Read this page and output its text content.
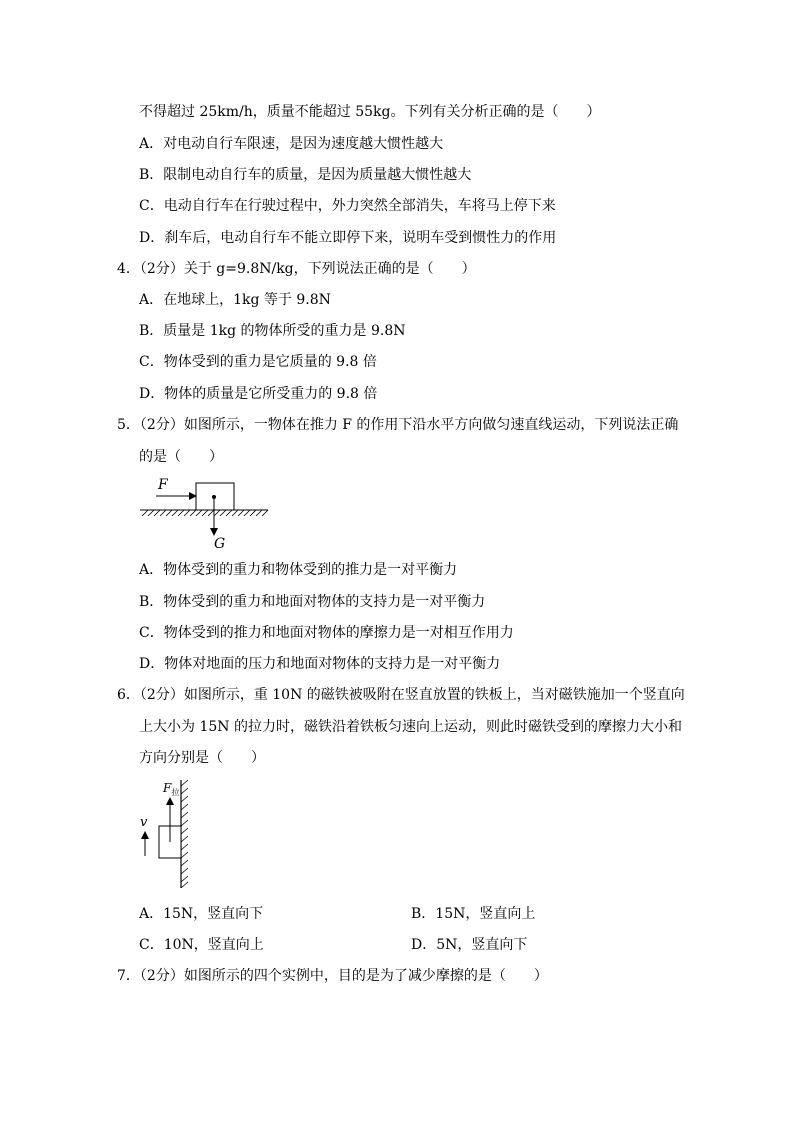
不得超过 25km/h，质量不能超过 55kg。下列有关分析正确的是（　　）
A．对电动自行车限速，是因为速度越大惯性越大
B．限制电动自行车的质量，是因为质量越大惯性越大
C．电动自行车在行驶过程中，外力突然全部消失，车将马上停下来
D．刹车后，电动自行车不能立即停下来，说明车受到惯性力的作用
4．（2分）关于 g=9.8N/kg，下列说法正确的是（　　）
A．在地球上，1kg 等于 9.8N
B．质量是 1kg 的物体所受的重力是 9.8N
C．物体受到的重力是它质量的 9.8 倍
D．物体的质量是它所受重力的 9.8 倍
5．（2分）如图所示，一物体在推力 F 的作用下沿水平方向做匀速直线运动，下列说法正确
的是（　　）
F
G
A．物体受到的重力和物体受到的推力是一对平衡力
B．物体受到的重力和地面对物体的支持力是一对平衡力
C．物体受到的推力和地面对物体的摩擦力是一对相互作用力
D．物体对地面的压力和地面对物体的支持力是一对平衡力
6．（2分）如图所示，重 10N 的磁铁被吸附在竖直放置的铁板上，当对磁铁施加一个竖直向
上大小为 15N 的拉力时，磁铁沿着铁板匀速向上运动，则此时磁铁受到的摩擦力大小和
方向分别是（　　）
$F_拉$
v
A．15N，竖直向下	B．15N，竖直向上
C．10N，竖直向上	D．5N，竖直向下
7．（2分）如图所示的四个实例中，目的是为了减少摩擦的是（　　）
